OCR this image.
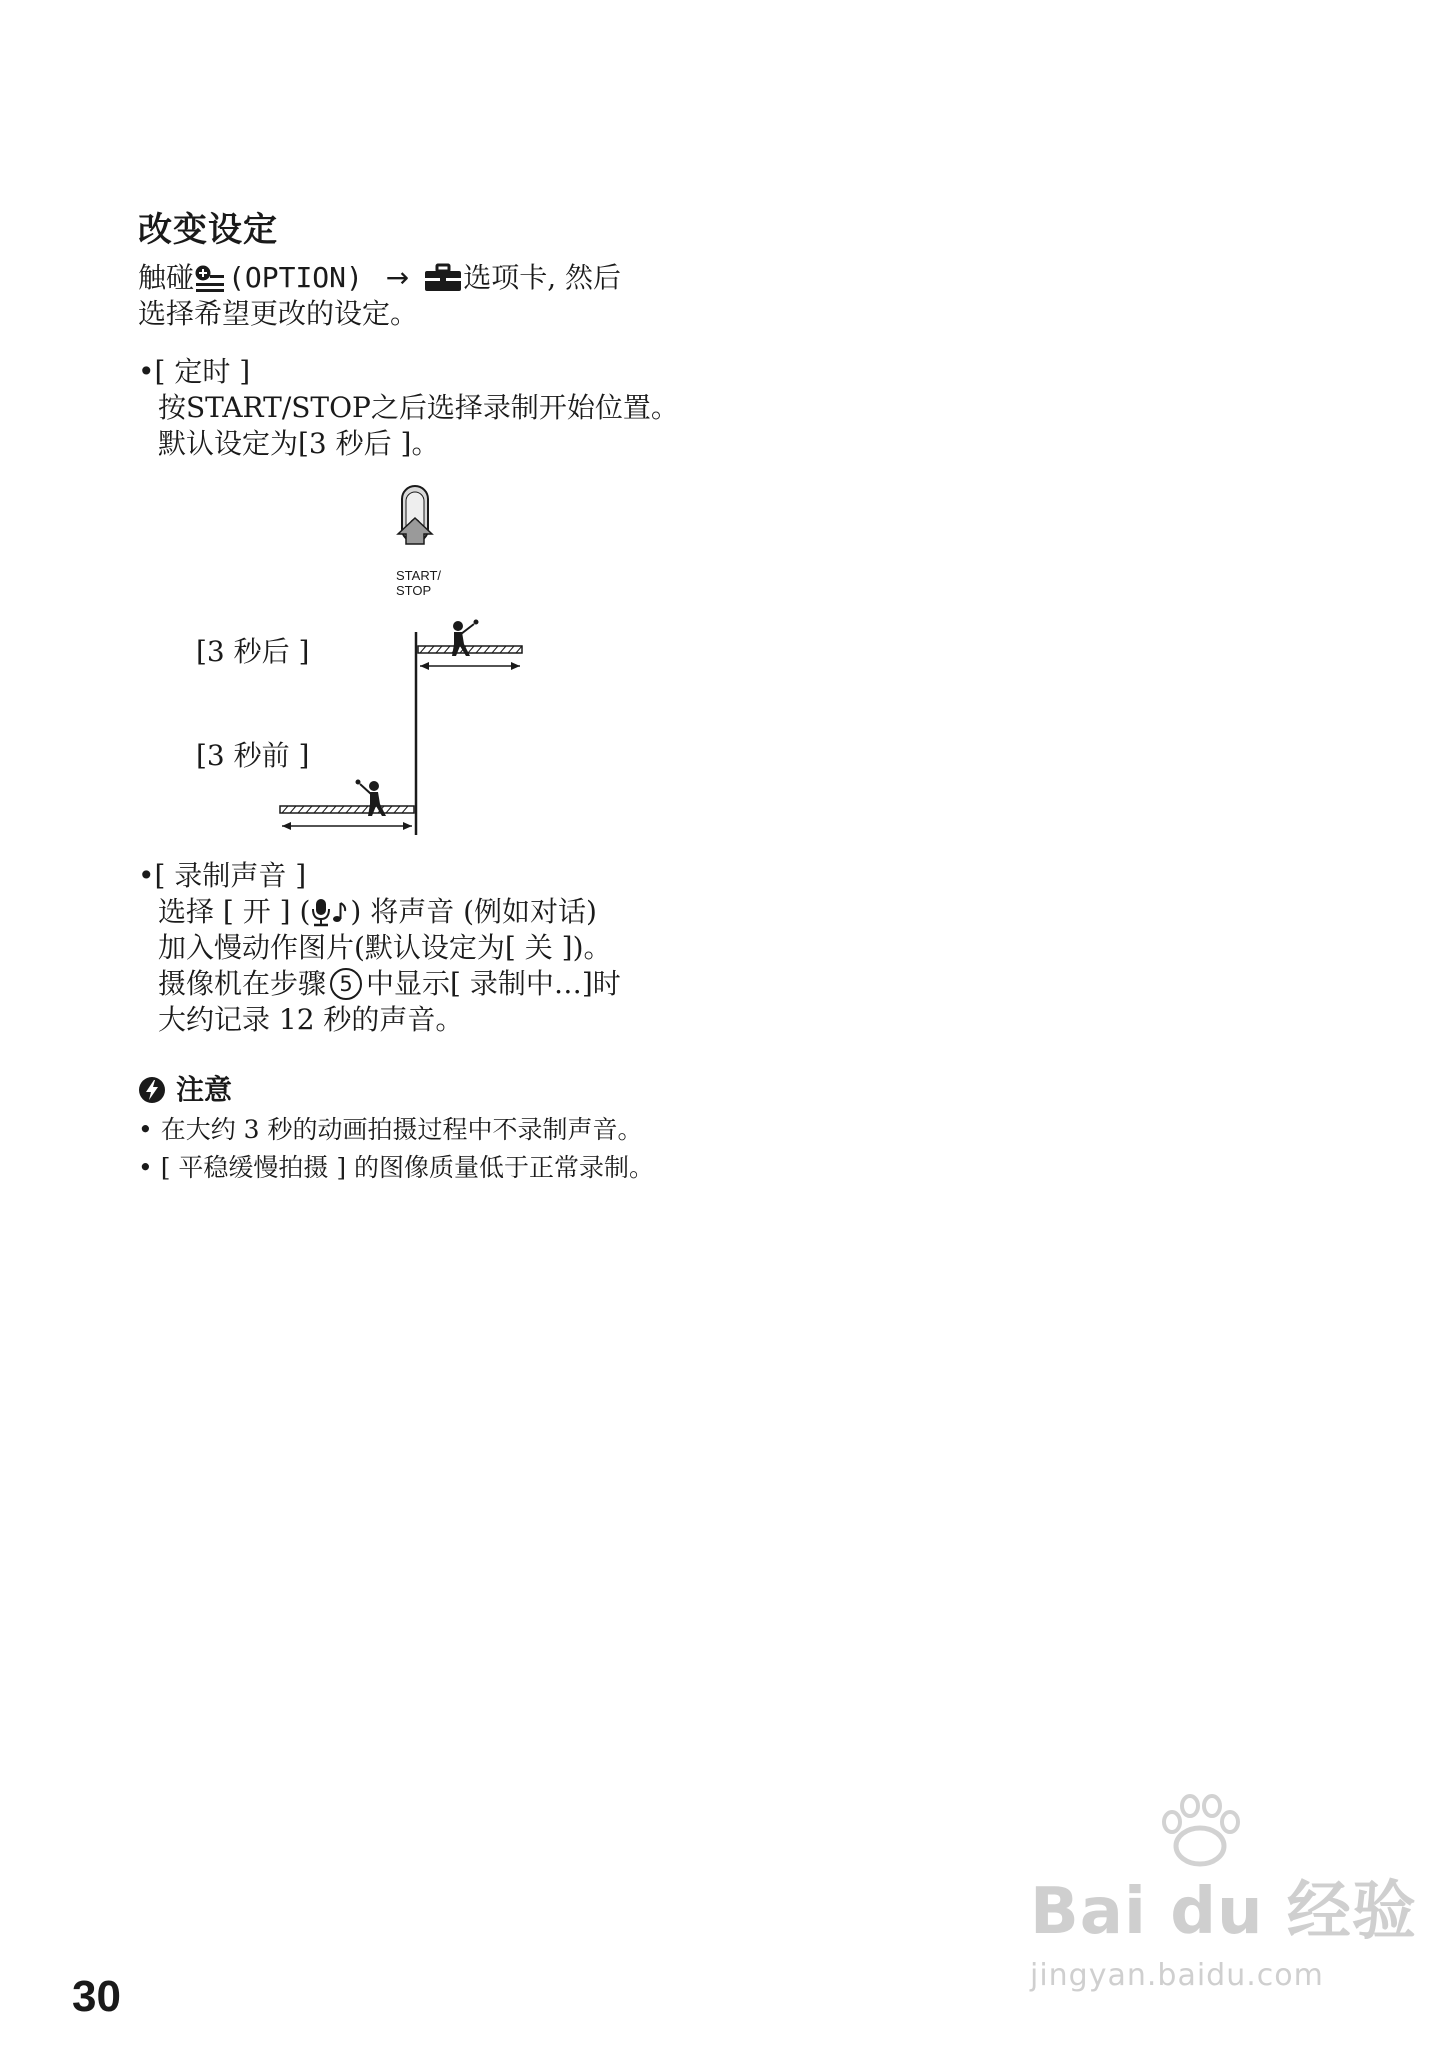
改变设定
触碰 (OPTION) → 选项卡, 然后
选择希望更改的设定。
•[ 定时 ]
按START/STOP之后选择录制开始位置。
默认设定为[3 秒后 ]。
START/
STOP
[3 秒后 ]
[3 秒前 ]
•[ 录制声音 ]
选择 [ 开 ] ( ) 将声音 (例如对话)
加入慢动作图片(默认设定为[ 关 ])。
摄像机在步骤 5 中显示[ 录制中…]时
大约记录 12 秒的声音。
注意
• 在大约 3 秒的动画拍摄过程中不录制声音。
• [ 平稳缓慢拍摄 ] 的图像质量低于正常录制。
30
Bai du 经验
jingyan.baidu.com
